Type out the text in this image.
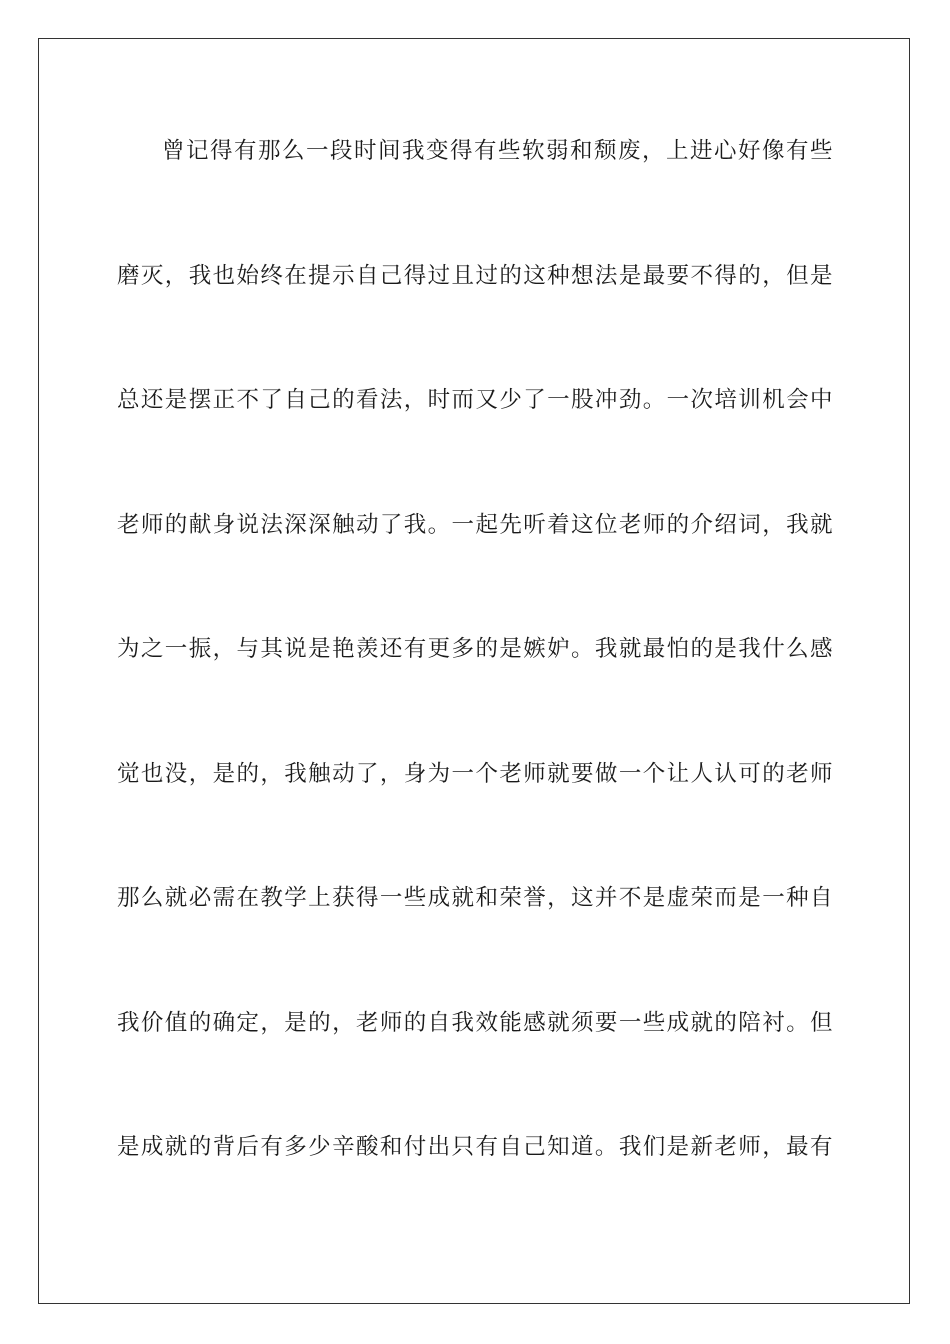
曾记得有那么一段时间我变得有些软弱和颓废，上进心好像有些
磨灭，我也始终在提示自己得过且过的这种想法是最要不得的，但是
总还是摆正不了自己的看法，时而又少了一股冲劲。一次培训机会中
老师的献身说法深深触动了我。一起先听着这位老师的介绍词，我就
为之一振，与其说是艳羡还有更多的是嫉妒。我就最怕的是我什么感
觉也没，是的，我触动了，身为一个老师就要做一个让人认可的老师
那么就必需在教学上获得一些成就和荣誉，这并不是虚荣而是一种自
我价值的确定，是的，老师的自我效能感就须要一些成就的陪衬。但
是成就的背后有多少辛酸和付出只有自己知道。我们是新老师，最有
